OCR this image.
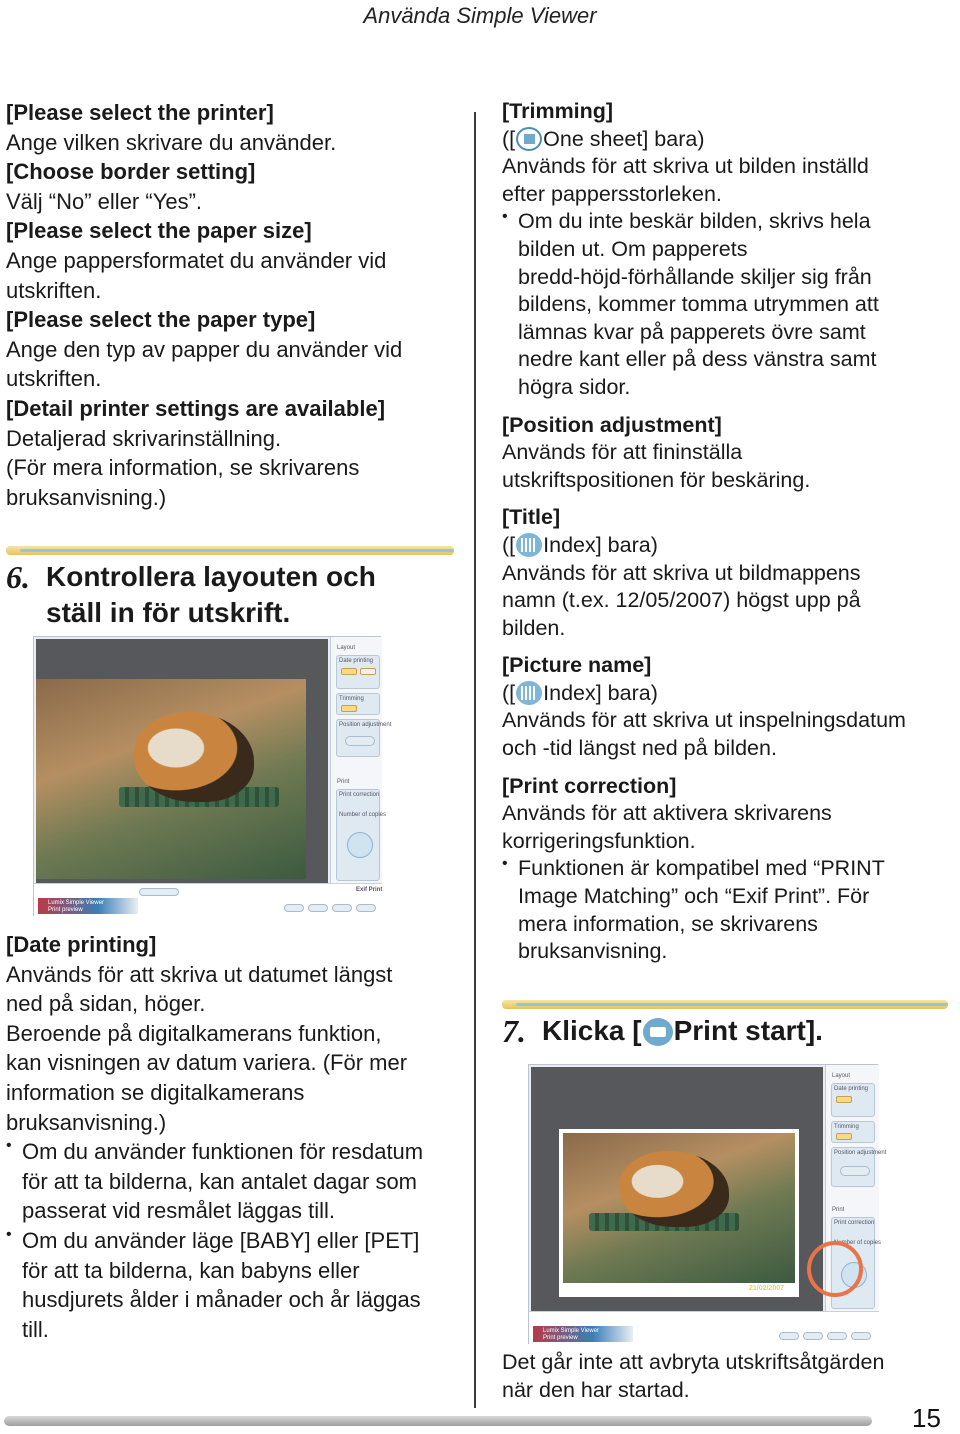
Använda Simple Viewer

[Please select the printer]

Ange vilken skrivare du använder.

[Choose border setting]

Välj “No” eller “Yes”.

[Please select the paper size]

Ange pappersformatet du använder vid

utskriften.

[Please select the paper type]

Ange den typ av papper du använder vid

utskriften.

[Detail printer settings are available]

Detaljerad skrivarinställning.

(För mera information, se skrivarens

bruksanvisning.)

6. Kontrollera layouten och
ställ in för utskrift.
Layout
Date printing
Trimming
Position adjustment
Print
Print correction
Number of copies
Lumix Simple Viewer
Print preview
Exif Print

[Date printing]

Används för att skriva ut datumet längst

ned på sidan, höger.

Beroende på digitalkamerans funktion,

kan visningen av datum variera. (För mer

information se digitalkamerans

bruksanvisning.)

• Om du använder funktionen för resdatum

för att ta bilderna, kan antalet dagar som

passerat vid resmålet läggas till.

• Om du använder läge [BABY] eller [PET]

för att ta bilderna, kan babyns eller

husdjurets ålder i månader och år läggas

till.

[Trimming]

([ One sheet] bara)

Används för att skriva ut bilden inställd

efter pappersstorleken.

• Om du inte beskär bilden, skrivs hela

bilden ut. Om papperets

bredd-höjd-förhållande skiljer sig från

bildens, kommer tomma utrymmen att

lämnas kvar på papperets övre samt

nedre kant eller på dess vänstra samt

högra sidor.

[Position adjustment]

Används för att fininställa

utskriftspositionen för beskäring.

[Title]

([ Index] bara)

Används för att skriva ut bildmappens

namn (t.ex. 12/05/2007) högst upp på

bilden.

[Picture name]

([ Index] bara)

Används för att skriva ut inspelningsdatum

och -tid längst ned på bilden.

[Print correction]

Används för att aktivera skrivarens

korrigeringsfunktion.

• Funktionen är kompatibel med “PRINT

Image Matching” och “Exif Print”. För

mera information, se skrivarens

bruksanvisning.

7. Klicka [ Print start].
21/02/2007
Layout
Date printing
Trimming
Position adjustment
Print
Print correction
Number of copies
Lumix Simple Viewer
Print preview

Det går inte att avbryta utskriftsåtgärden

när den har startad.

15
